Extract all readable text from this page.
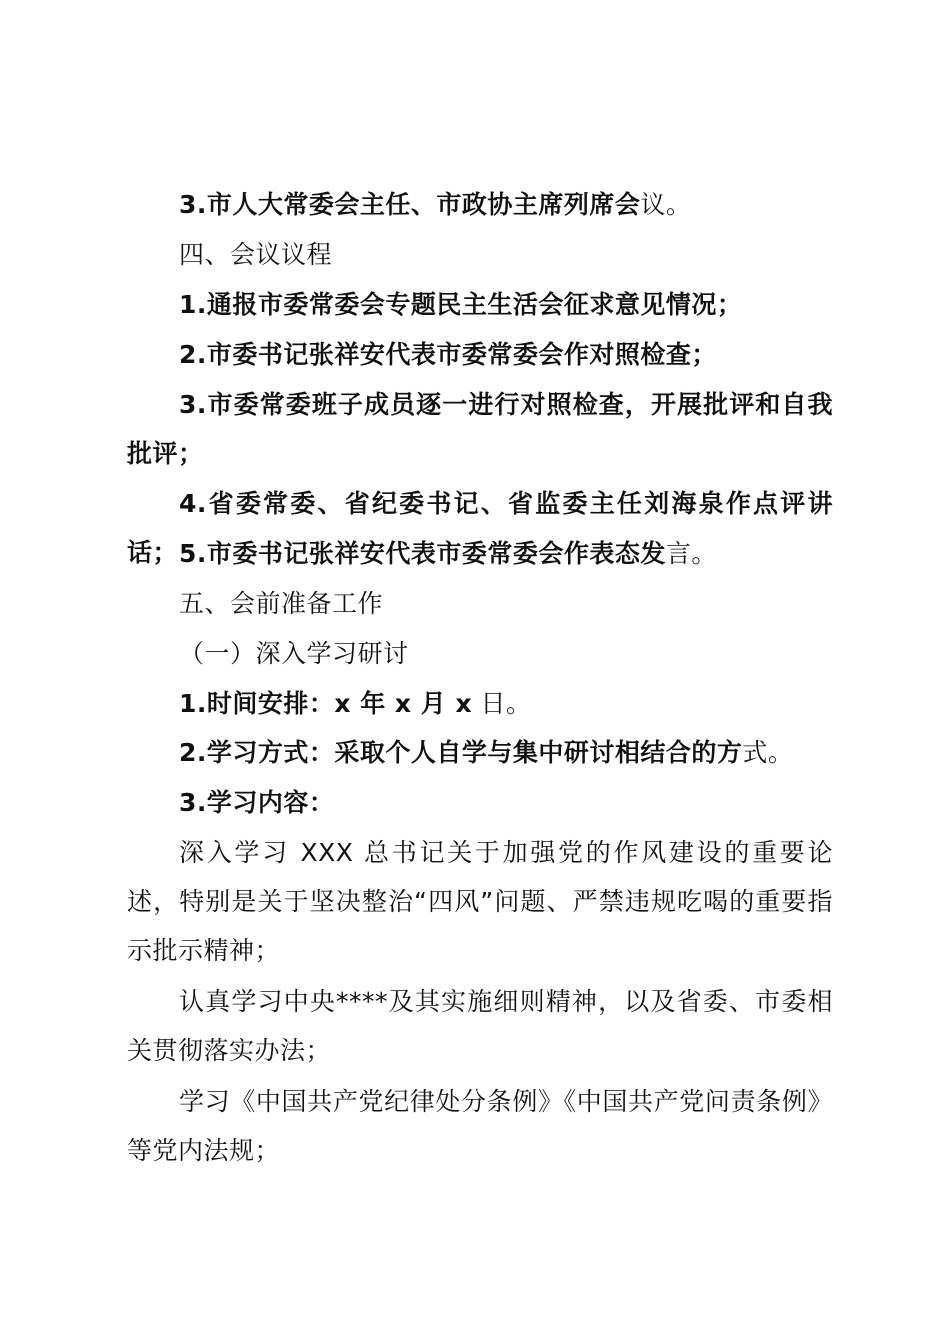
3.市人大常委会主任、市政协主席列席会议。

四、会议议程

1.通报市委常委会专题民主生活会征求意见情况；

2.市委书记张祥安代表市委常委会作对照检查；

3.市委常委班子成员逐一进行对照检查，开展批评和自我批评；

4.省委常委、省纪委书记、省监委主任刘海泉作点评讲话； 5.市委书记张祥安代表市委常委会作表态发言。

五、会前准备工作

（一）深入学习研讨

1.时间安排：x 年 x 月 x 日。

2.学习方式：采取个人自学与集中研讨相结合的方式。

3.学习内容：

深入学习 XXX 总书记关于加强党的作风建设的重要论述，特别是关于坚决整治“四风”问题、严禁违规吃喝的重要指示批示精神；

认真学习中央****及其实施细则精神，以及省委、市委相关贯彻落实办法；

学习《中国共产党纪律处分条例》《中国共产党问责条例》等党内法规；
